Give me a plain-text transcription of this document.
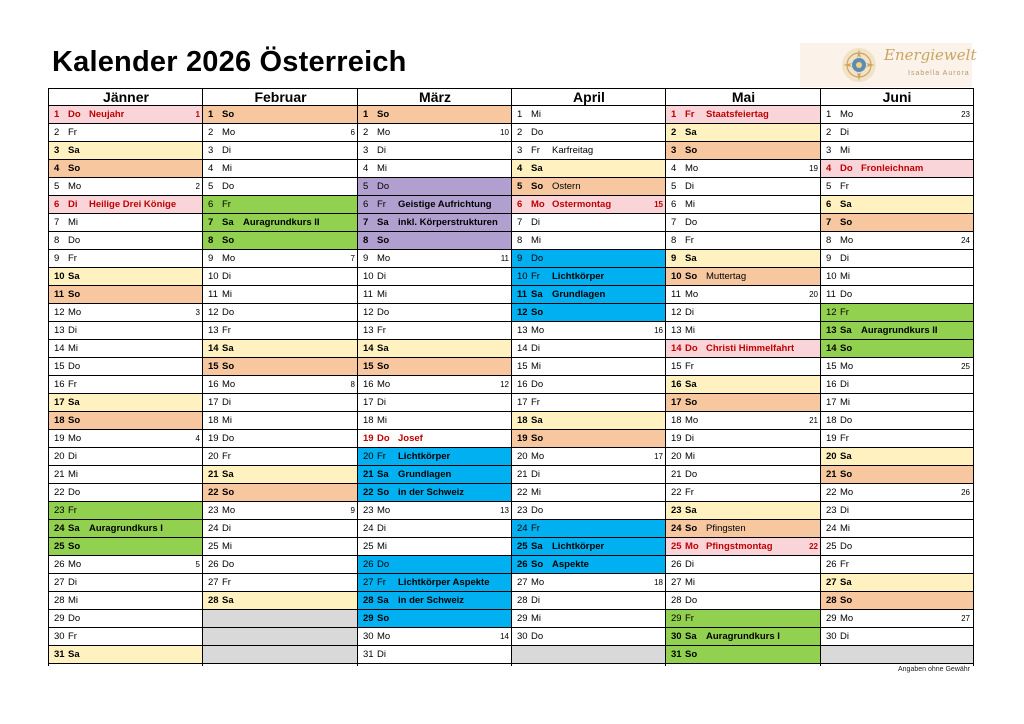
Kalender 2026 Österreich	Energiewelt
Isabella Aurora
Jänner
1 Do Neujahr	1
2 Fr
3 Sa
4 So
5 Mo	2
6 Di Heilige Drei Könige
7 Mi
8 Do
9 Fr
10 Sa
11 So
12 Mo	3
13 Di
14 Mi
15 Do
16 Fr
17 Sa
18 So
19 Mo	4
20 Di
21 Mi
22 Do
23 Fr
24 Sa Auragrundkurs I
25 So
26 Mo	5
27 Di
28 Mi
29 Do
30 Fr
31 Sa
Februar
1 So
2 Mo	6
3 Di
4 Mi
5 Do
6 Fr
7 Sa Auragrundkurs II
8 So
9 Mo	7
10 Di
11 Mi
12 Do
13 Fr
14 Sa
15 So
16 Mo	8
17 Di
18 Mi
19 Do
20 Fr
21 Sa
22 So
23 Mo	9
24 Di
25 Mi
26 Do
27 Fr
28 Sa
März
1 So
2 Mo	10
3 Di
4 Mi
5 Do
6 Fr Geistige Aufrichtung
7 Sa inkl. Körperstrukturen
8 So
9 Mo	11
10 Di
11 Mi
12 Do
13 Fr
14 Sa
15 So
16 Mo	12
17 Di
18 Mi
19 Do Josef
20 Fr Lichtkörper
21 Sa Grundlagen
22 So in der Schweiz
23 Mo	13
24 Di
25 Mi
26 Do
27 Fr Lichtkörper Aspekte
28 Sa in der Schweiz
29 So
30 Mo	14
31 Di
April
1 Mi
2 Do
3 Fr Karfreitag
4 Sa
5 So Ostern
6 Mo Ostermontag	15
7 Di
8 Mi
9 Do
10 Fr Lichtkörper
11 Sa Grundlagen
12 So
13 Mo	16
14 Di
15 Mi
16 Do
17 Fr
18 Sa
19 So
20 Mo	17
21 Di
22 Mi
23 Do
24 Fr
25 Sa Lichtkörper
26 So Aspekte
27 Mo	18
28 Di
29 Mi
30 Do
Mai
1 Fr Staatsfeiertag
2 Sa
3 So
4 Mo	19
5 Di
6 Mi
7 Do
8 Fr
9 Sa
10 So Muttertag
11 Mo	20
12 Di
13 Mi
14 Do Christi Himmelfahrt
15 Fr
16 Sa
17 So
18 Mo	21
19 Di
20 Mi
21 Do
22 Fr
23 Sa
24 So Pfingsten
25 Mo Pfingstmontag	22
26 Di
27 Mi
28 Do
29 Fr
30 Sa Auragrundkurs I
31 So
Juni
1 Mo	23
2 Di
3 Mi
4 Do Fronleichnam
5 Fr
6 Sa
7 So
8 Mo	24
9 Di
10 Mi
11 Do
12 Fr
13 Sa Auragrundkurs II
14 So
15 Mo	25
16 Di
17 Mi
18 Do
19 Fr
20 Sa
21 So
22 Mo	26
23 Di
24 Mi
25 Do
26 Fr
27 Sa
28 So
29 Mo	27
30 Di
Angaben ohne Gewähr
